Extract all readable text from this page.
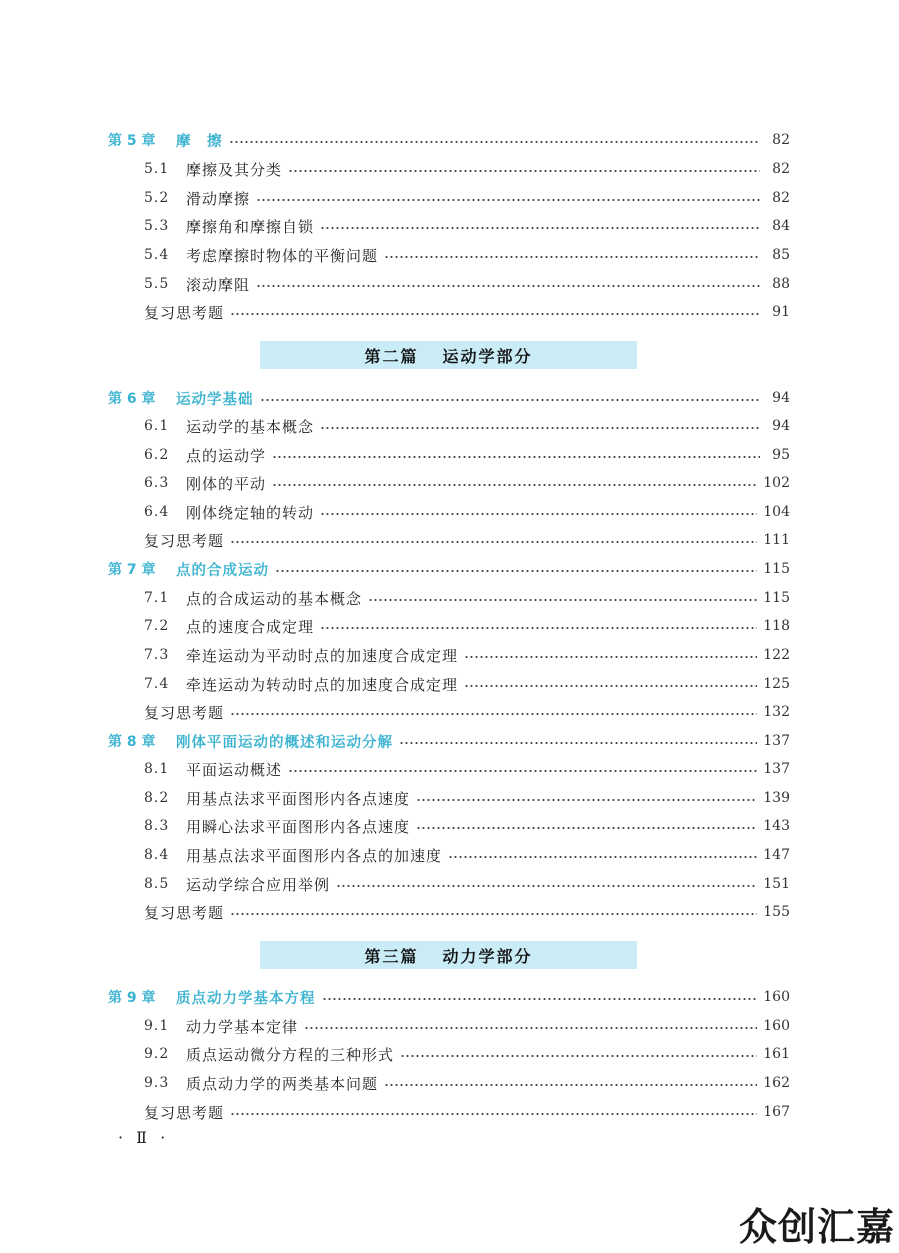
第 5 章	摩　擦	82
5.1	摩擦及其分类	82
5.2	滑动摩擦	82
5.3	摩擦角和摩擦自锁	84
5.4	考虑摩擦时物体的平衡问题	85
5.5	滚动摩阻	88
复习思考题	91
第二篇 运动学部分
第 6 章	运动学基础	94
6.1	运动学的基本概念	94
6.2	点的运动学	95
6.3	刚体的平动	102
6.4	刚体绕定轴的转动	104
复习思考题	111
第 7 章	点的合成运动	115
7.1	点的合成运动的基本概念	115
7.2	点的速度合成定理	118
7.3	牵连运动为平动时点的加速度合成定理	122
7.4	牵连运动为转动时点的加速度合成定理	125
复习思考题	132
第 8 章	刚体平面运动的概述和运动分解	137
8.1	平面运动概述	137
8.2	用基点法求平面图形内各点速度	139
8.3	用瞬心法求平面图形内各点速度	143
8.4	用基点法求平面图形内各点的加速度	147
8.5	运动学综合应用举例	151
复习思考题	155
第三篇 动力学部分
第 9 章	质点动力学基本方程	160
9.1	动力学基本定律	160
9.2	质点运动微分方程的三种形式	161
9.3	质点动力学的两类基本问题	162
复习思考题	167
· Ⅱ ·
众创汇嘉
